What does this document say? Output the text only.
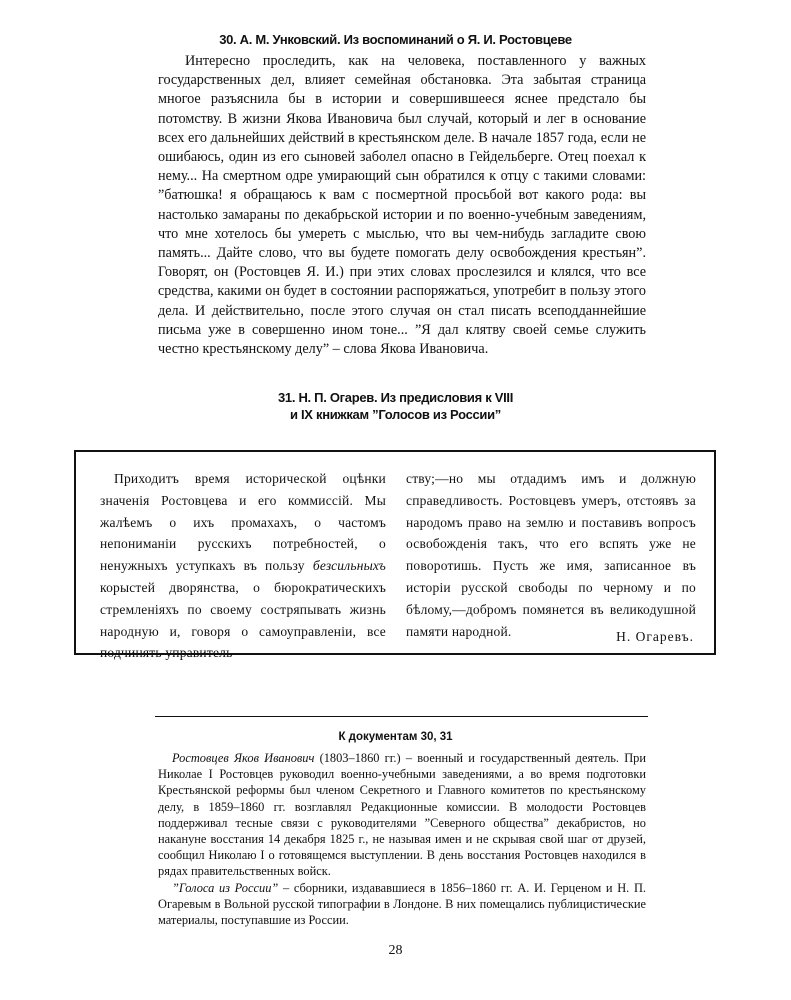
30. А. М. Унковский. Из воспоминаний о Я. И. Ростовцеве

Интересно проследить, как на человека, поставленного у важных государственных дел, влияет семейная обстановка. Эта забытая страница многое разъяснила бы в истории и совершившееся яснее предстало бы потомству. В жизни Якова Ивановича был случай, который и лег в основание всех его дальнейших действий в крестьянском деле. В начале 1857 года, если не ошибаюсь, один из его сыновей заболел опасно в Гейдельберге. Отец поехал к нему... На смертном одре умирающий сын обратился к отцу с такими словами: ”батюшка! я обращаюсь к вам с посмертной просьбой вот какого рода: вы настолько замараны по декабрьской истории и по военно-учебным заведениям, что мне хотелось бы умереть с мыслью, что вы чем-нибудь загладите свою память... Дайте слово, что вы будете помогать делу освобождения крестьян”. Говорят, он (Ростовцев Я. И.) при этих словах прослезился и клялся, что все средства, какими он будет в состоянии распоряжаться, употребит в пользу этого дела. И действительно, после этого случая он стал писать всеподданнейшие письма уже в совершенно ином тоне... ”Я дал клятву своей семье служить честно крестьянскому делу” – слова Якова Ивановича.

31. Н. П. Огарев. Из предисловия к VIII
и IX книжкам ”Голосов из России”

Приходитъ время исторической оцѣнки значенія Ростовцева и его коммиссій. Мы жалѣемъ о ихъ промахахъ, о частомъ непониманіи русскихъ потребностей, о ненужныхъ уступкахъ въ пользу безсильныхъ корыстей дворянства, о бюрократическихъ стремленіяхъ по своему состряпывать жизнь народную и, говоря о самоуправленіи, все подчинять управитель-

ству;—но мы отдадимъ имъ и должную справедливость. Ростовцевъ умеръ, отстоявъ за народомъ право на землю и поставивъ вопросъ освобожденія такъ, что его вспять уже не поворотишь. Пусть же имя, записанное въ исторіи русской свободы по черному и по бѣлому,—добромъ помянется въ великодушной памяти народной.	Н. Огаревъ.
К документам 30, 31

Ростовцев Яков Иванович (1803–1860 гг.) – военный и государственный деятель. При Николае I Ростовцев руководил военно-учебными заведениями, а во время подготовки Крестьянской реформы был членом Секретного и Главного комитетов по крестьянскому делу, в 1859–1860 гг. возглавлял Редакционные комиссии. В молодости Ростовцев поддерживал тесные связи с руководителями ”Северного общества” декабристов, но накануне восстания 14 декабря 1825 г., не называя имен и не скрывая свой шаг от друзей, сообщил Николаю I о готовящемся выступлении. В день восстания Ростовцев находился в рядах правительственных войск.

”Голоса из России” – сборники, издававшиеся в 1856–1860 гг. А. И. Герценом и Н. П. Огаревым в Вольной русской типографии в Лондоне. В них помещались публицистические материалы, поступавшие из России.

28
